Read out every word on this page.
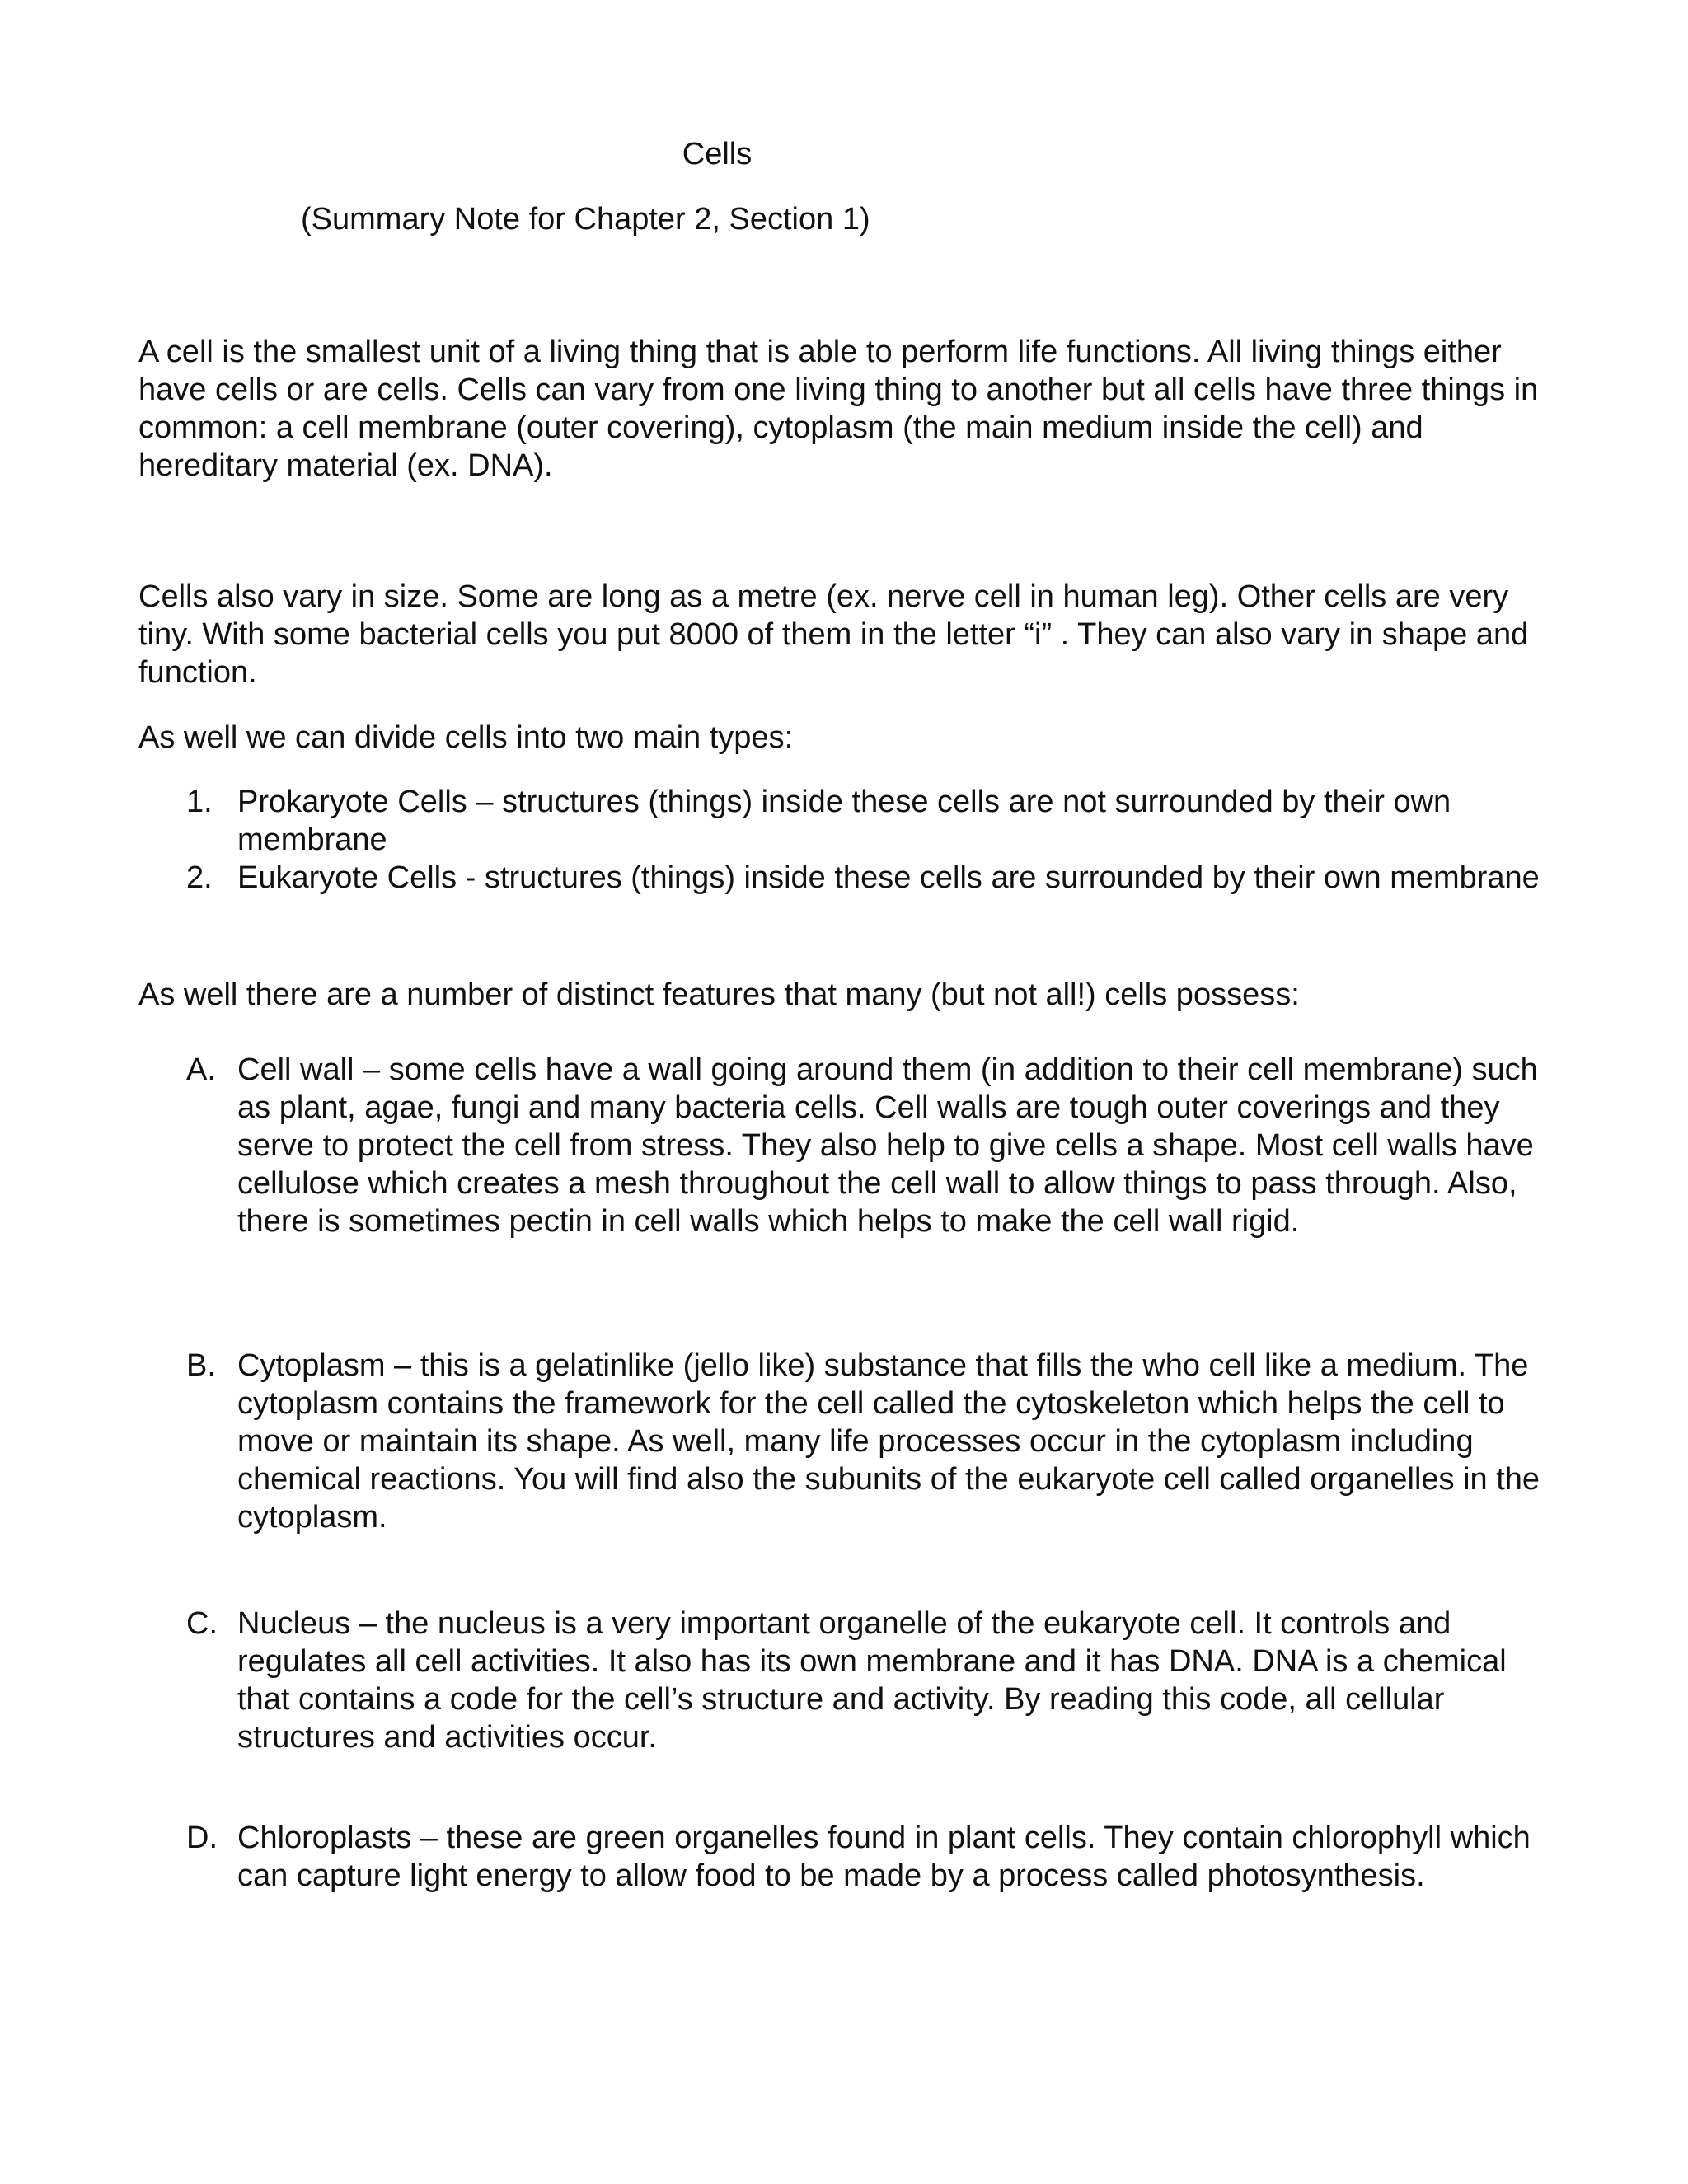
Cells

(Summary Note for Chapter 2, Section 1)

A cell is the smallest unit of a living thing that is able to perform life functions. All living things either have cells or are cells. Cells can vary from one living thing to another but all cells have three things in common: a cell membrane (outer covering), cytoplasm (the main medium inside the cell) and hereditary material (ex. DNA).

Cells also vary in size. Some are long as a metre (ex. nerve cell in human leg). Other cells are very tiny. With some bacterial cells you put 8000 of them in the letter “i” . They can also vary in shape and function.

As well we can divide cells into two main types:

1. Prokaryote Cells – structures (things) inside these cells are not surrounded by their own membrane
2. Eukaryote Cells - structures (things) inside these cells are surrounded by their own membrane

As well there are a number of distinct features that many (but not all!) cells possess:

A. Cell wall – some cells have a wall going around them (in addition to their cell membrane) such as plant, agae, fungi and many bacteria cells. Cell walls are tough outer coverings and they serve to protect the cell from stress. They also help to give cells a shape. Most cell walls have cellulose which creates a mesh throughout the cell wall to allow things to pass through. Also, there is sometimes pectin in cell walls which helps to make the cell wall rigid.
B. Cytoplasm – this is a gelatinlike (jello like) substance that fills the who cell like a medium. The cytoplasm contains the framework for the cell called the cytoskeleton which helps the cell to move or maintain its shape. As well, many life processes occur in the cytoplasm including chemical reactions. You will find also the subunits of the eukaryote cell called organelles in the cytoplasm.
C. Nucleus – the nucleus is a very important organelle of the eukaryote cell. It controls and regulates all cell activities. It also has its own membrane and it has DNA. DNA is a chemical that contains a code for the cell’s structure and activity. By reading this code, all cellular structures and activities occur.
D. Chloroplasts – these are green organelles found in plant cells. They contain chlorophyll which can capture light energy to allow food to be made by a process called photosynthesis.
